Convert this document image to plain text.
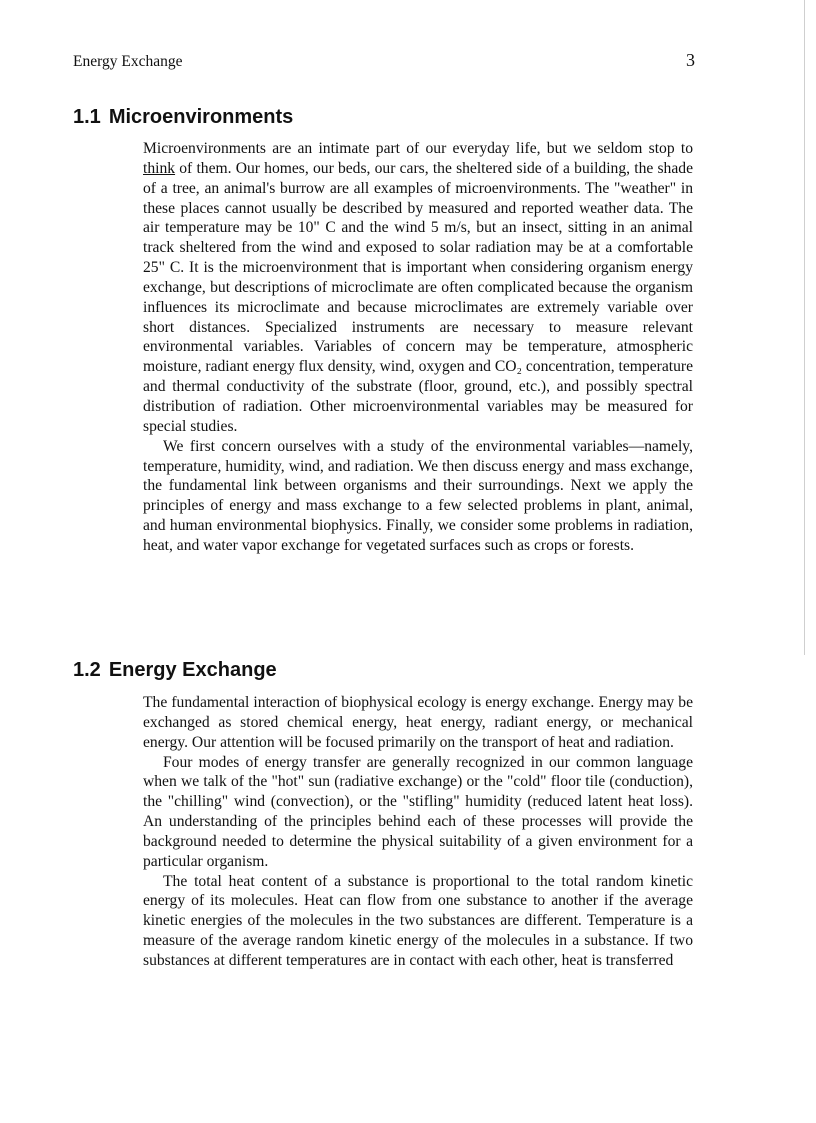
Energy Exchange	3
1.1 Microenvironments

Microenvironments are an intimate part of our everyday life, but we seldom stop to think of them. Our homes, our beds, our cars, the sheltered side of a building, the shade of a tree, an animal's burrow are all examples of microenvironments. The "weather" in these places cannot usually be described by measured and reported weather data. The air temperature may be 10" C and the wind 5 m/s, but an insect, sitting in an animal track sheltered from the wind and exposed to solar radiation may be at a comfortable 25" C. It is the microenvironment that is important when considering organism energy exchange, but descriptions of microclimate are often complicated because the organism influences its microclimate and because microclimates are extremely variable over short distances. Specialized instruments are necessary to measure relevant environmental variables. Variables of concern may be temperature, atmospheric moisture, radiant energy flux density, wind, oxygen and CO₂ concentration, temperature and thermal conductivity of the substrate (floor, ground, etc.), and possibly spectral distribution of radiation. Other microenvironmental variables may be measured for special studies.

We first concern ourselves with a study of the environmental variables—namely, temperature, humidity, wind, and radiation. We then discuss energy and mass exchange, the fundamental link between organisms and their surroundings. Next we apply the principles of energy and mass exchange to a few selected problems in plant, animal, and human environmental biophysics. Finally, we consider some problems in radiation, heat, and water vapor exchange for vegetated surfaces such as crops or forests.

1.2 Energy Exchange

The fundamental interaction of biophysical ecology is energy exchange. Energy may be exchanged as stored chemical energy, heat energy, radiant energy, or mechanical energy. Our attention will be focused primarily on the transport of heat and radiation.

Four modes of energy transfer are generally recognized in our common language when we talk of the "hot" sun (radiative exchange) or the "cold" floor tile (conduction), the "chilling" wind (convection), or the "stifling" humidity (reduced latent heat loss). An understanding of the principles behind each of these processes will provide the background needed to determine the physical suitability of a given environment for a particular organism.

The total heat content of a substance is proportional to the total random kinetic energy of its molecules. Heat can flow from one substance to another if the average kinetic energies of the molecules in the two substances are different. Temperature is a measure of the average random kinetic energy of the molecules in a substance. If two substances at different temperatures are in contact with each other, heat is transferred
